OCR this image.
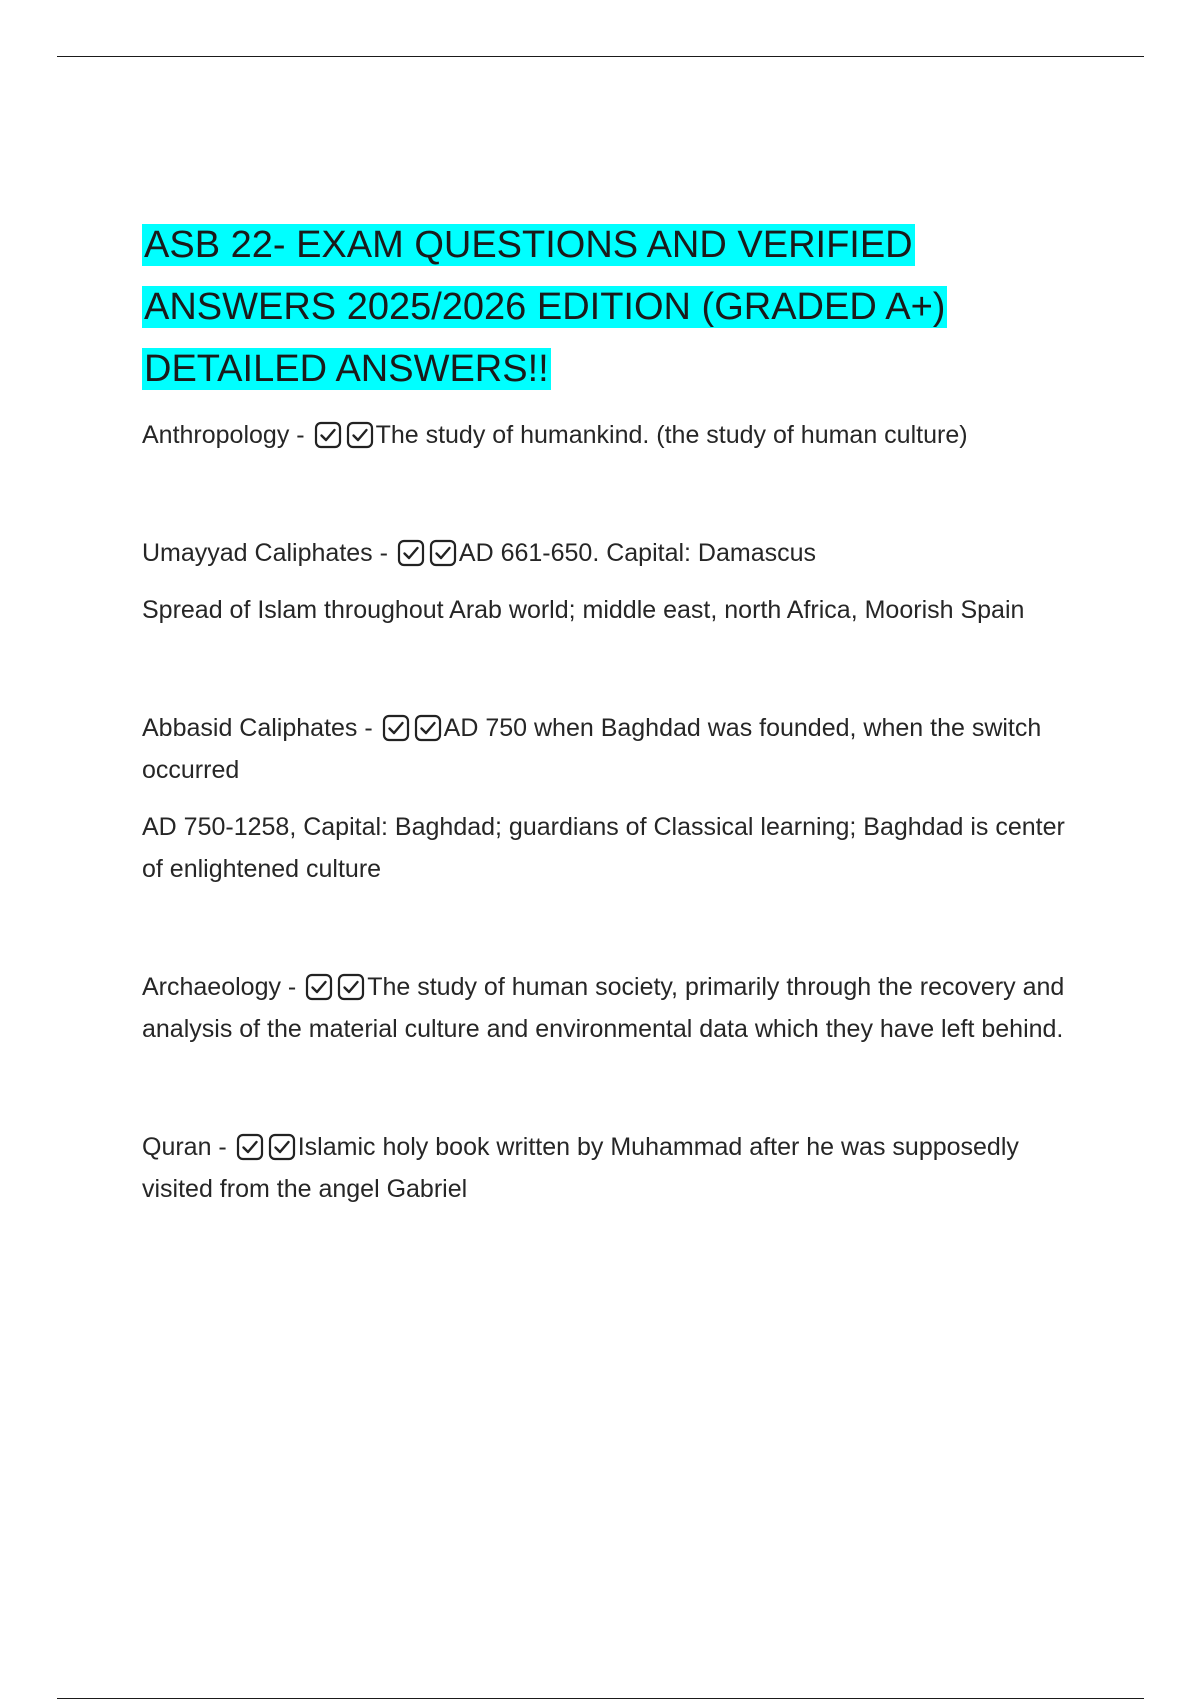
ASB 22- EXAM QUESTIONS AND VERIFIED ANSWERS 2025/2026 EDITION (GRADED A+) DETAILED ANSWERS!!

Anthropology -	The study of humankind. (the study of human culture)

Umayyad Caliphates -	AD 661-650. Capital: Damascus

Spread of Islam throughout Arab world; middle east, north Africa, Moorish Spain

Abbasid Caliphates -	AD 750 when Baghdad was founded, when the switch occurred

AD 750-1258, Capital: Baghdad; guardians of Classical learning; Baghdad is center of enlightened culture

Archaeology -	The study of human society, primarily through the recovery and analysis of the material culture and environmental data which they have left behind.

Quran -	Islamic holy book written by Muhammad after he was supposedly visited from the angel Gabriel
